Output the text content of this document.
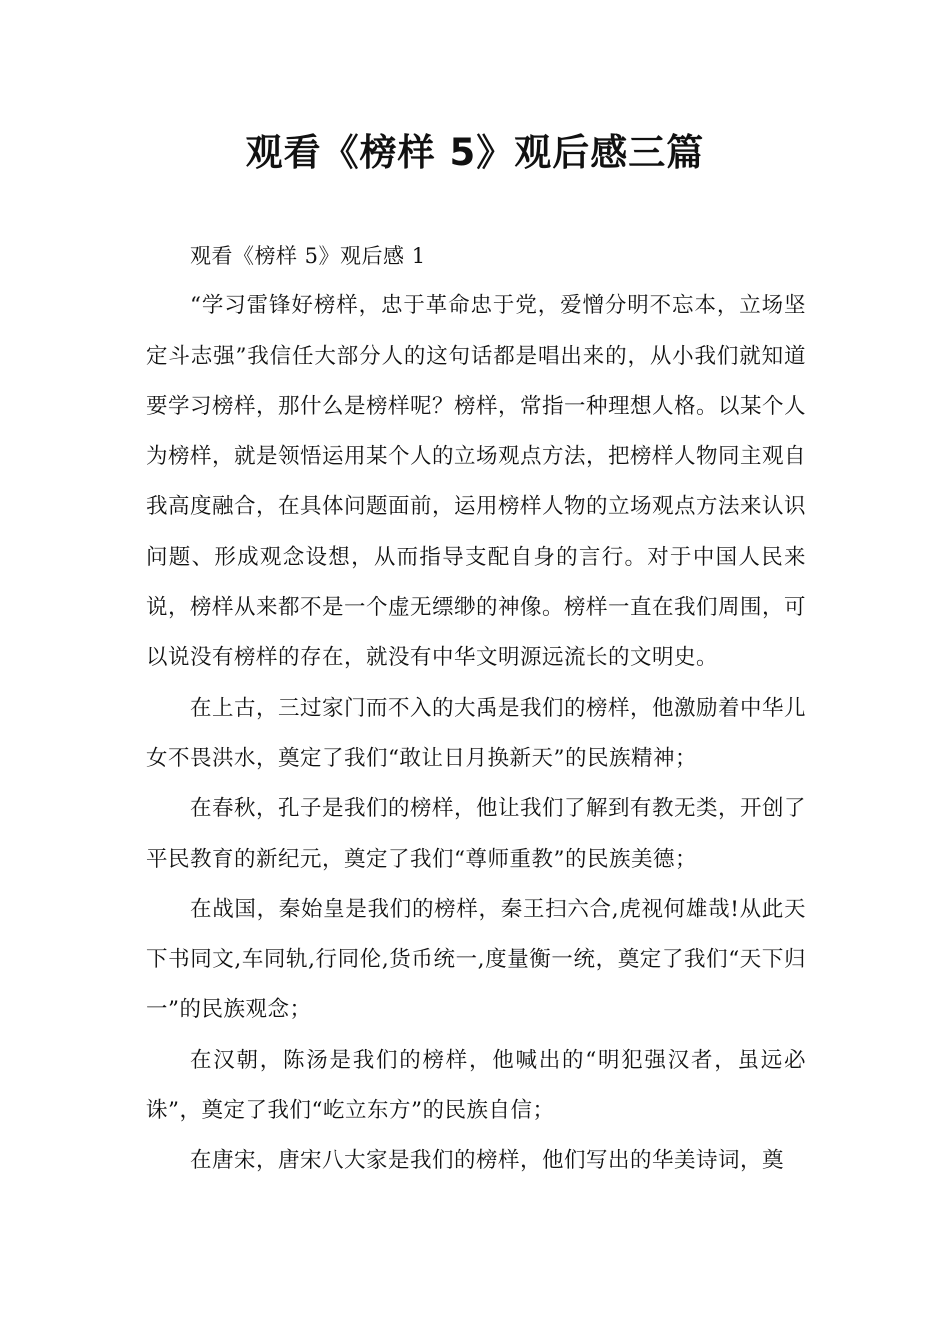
观看《榜样 5》观后感三篇

观看《榜样 5》观后感 1

“学习雷锋好榜样，忠于革命忠于党，爱憎分明不忘本，立场坚定斗志强”我信任大部分人的这句话都是唱出来的，从小我们就知道要学习榜样，那什么是榜样呢？榜样，常指一种理想人格。以某个人为榜样，就是领悟运用某个人的立场观点方法，把榜样人物同主观自我高度融合，在具体问题面前，运用榜样人物的立场观点方法来认识问题、形成观念设想，从而指导支配自身的言行。对于中国人民来说，榜样从来都不是一个虚无缥缈的神像。榜样一直在我们周围，可以说没有榜样的存在，就没有中华文明源远流长的文明史。

在上古，三过家门而不入的大禹是我们的榜样，他激励着中华儿女不畏洪水，奠定了我们“敢让日月换新天”的民族精神；

在春秋，孔子是我们的榜样，他让我们了解到有教无类，开创了平民教育的新纪元，奠定了我们“尊师重教”的民族美德；

在战国，秦始皇是我们的榜样，秦王扫六合,虎视何雄哉!从此天下书同文,车同轨,行同伦,货币统一,度量衡一统，奠定了我们“天下归一”的民族观念；

在汉朝，陈汤是我们的榜样，他喊出的“明犯强汉者，虽远必诛”，奠定了我们“屹立东方”的民族自信；

在唐宋，唐宋八大家是我们的榜样，他们写出的华美诗词，奠
